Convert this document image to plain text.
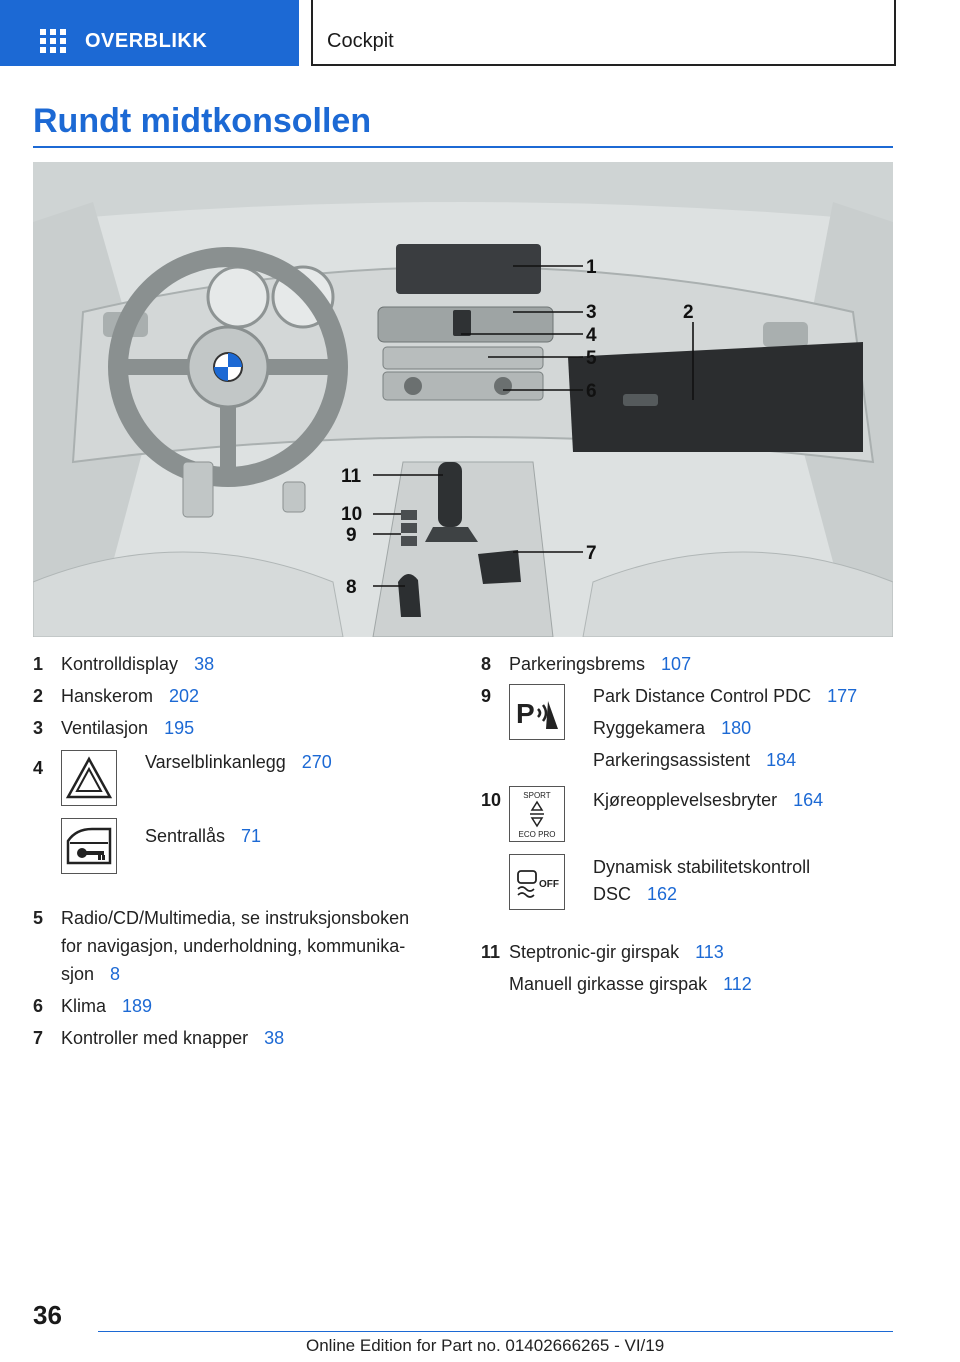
OVERBLIKK	Cockpit
Rundt midtkonsollen
1
3
4
5
6
2
7
8
9
10
11
1 Kontrolldisplay 38
2 Hanskerom 202
3 Ventilasjon 195
4	Varselblinkanlegg 270
Sentrallås 71
5 Radio/CD/Multimedia, se instruksjonsboken
for navigasjon, underholdning, kommunika-
sjon 8
6 Klima 189
7 Kontroller med knapper 38
8 Parkeringsbrems 107
9
P
Park Distance Control PDC 177
Ryggekamera 180
Parkeringsassistent 184
10	SPORT
ECO PRO
Kjøreopplevelsesbryter 164
OFF
Dynamisk stabilitetskontroll
DSC 162
11 Steptronic-gir girspak 113
Manuell girkasse girspak 112
36
Online Edition for Part no. 01402666265 - VI/19
